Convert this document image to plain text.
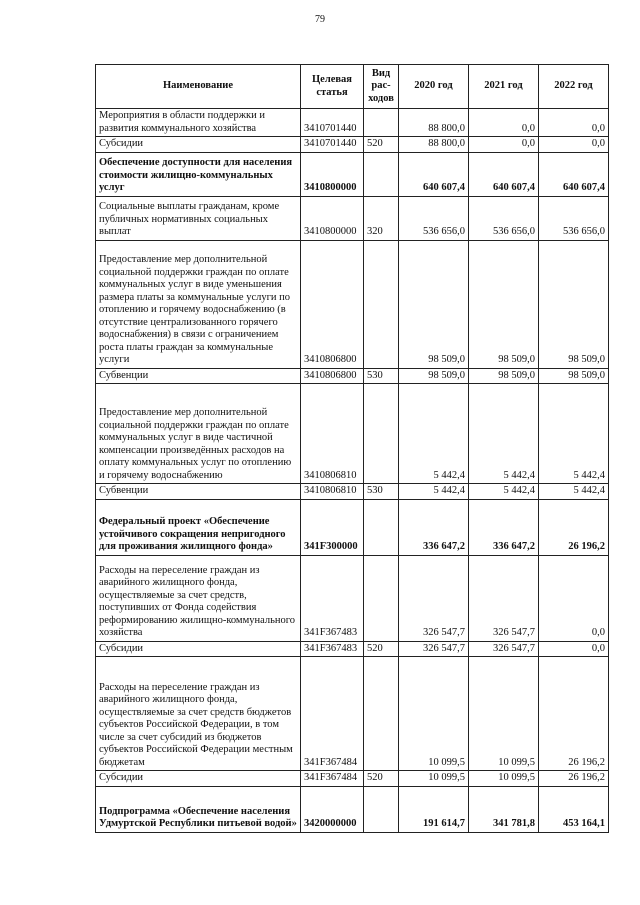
79
Наименование	Целевая статья	Вид рас- ходов	2020 год	2021 год	2022 год
Мероприятия в области поддержки и развития коммунального хозяйства	3410701440		88 800,0	0,0	0,0
Субсидии	3410701440	520	88 800,0	0,0	0,0
Обеспечение доступности для населения стоимости жилищно-коммунальных услуг	3410800000		640 607,4	640 607,4	640 607,4
Социальные выплаты гражданам, кроме публичных нормативных социальных выплат	3410800000	320	536 656,0	536 656,0	536 656,0
Предоставление мер дополнительной социальной поддержки граждан по оплате коммунальных услуг в виде уменьшения размера платы за коммунальные услуги по отоплению и горячему водоснабжению (в отсутствие централизованного горячего водоснабжения) в связи с ограничением роста платы граждан за коммунальные услуги	3410806800		98 509,0	98 509,0	98 509,0
Субвенции	3410806800	530	98 509,0	98 509,0	98 509,0
Предоставление мер дополнительной социальной поддержки граждан по оплате коммунальных услуг в виде частичной компенсации произведённых расходов на оплату коммунальных услуг по отоплению и горячему водоснабжению	3410806810		5 442,4	5 442,4	5 442,4
Субвенции	3410806810	530	5 442,4	5 442,4	5 442,4
Федеральный проект «Обеспечение устойчивого сокращения непригодного для проживания жилищного фонда»	341F300000		336 647,2	336 647,2	26 196,2
Расходы на переселение граждан из аварийного жилищного фонда, осуществляемые за счет средств, поступивших от Фонда содействия реформированию жилищно-коммунального хозяйства	341F367483		326 547,7	326 547,7	0,0
Субсидии	341F367483	520	326 547,7	326 547,7	0,0
Расходы на переселение граждан из аварийного жилищного фонда, осуществляемые за счет средств бюджетов субъектов Российской Федерации, в том числе за счет субсидий из бюджетов субъектов Российской Федерации местным бюджетам	341F367484		10 099,5	10 099,5	26 196,2
Субсидии	341F367484	520	10 099,5	10 099,5	26 196,2
Подпрограмма «Обеспечение населения Удмуртской Республики питьевой водой»	3420000000		191 614,7	341 781,8	453 164,1
